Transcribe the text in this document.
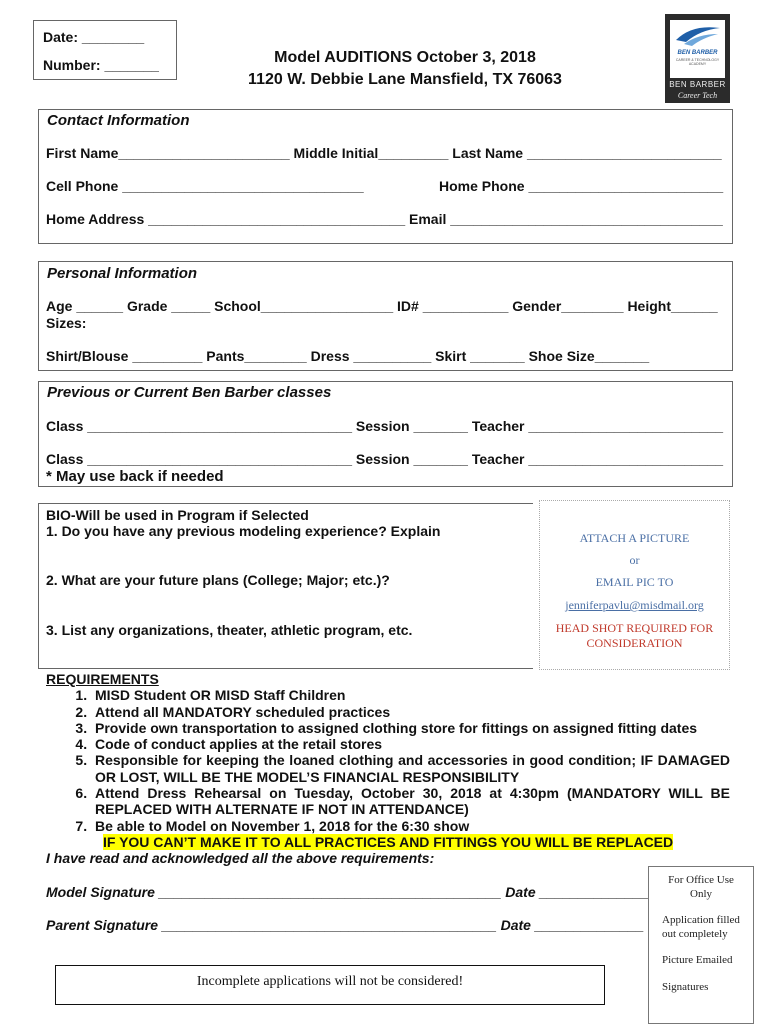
Date: ________
Number: _______	Model AUDITIONS October 3, 2018
1120 W. Debbie Lane Mansfield, TX 76063
BEN BARBER
CAREER & TECHNOLOGY ACADEMY
BEN BARBER
Career Tech
Contact Information
First Name______________________ Middle Initial_________ Last Name _________________________
Cell Phone _______________________________	Home Phone _________________________
Home Address _________________________________ Email ___________________________________
Personal Information
Age ______ Grade _____ School_________________ ID# ___________ Gender________ Height______
Sizes:
Shirt/Blouse _________ Pants________ Dress __________ Skirt _______ Shoe Size_______
Previous or Current Ben Barber classes
Class __________________________________ Session _______ Teacher _________________________
Class __________________________________ Session _______ Teacher _________________________
* May use back if needed
BIO-Will be used in Program if Selected
1. Do you have any previous modeling experience? Explain
2. What are your future plans (College; Major; etc.)?
3. List any organizations, theater, athletic program, etc.
ATTACH A PICTURE
or
EMAIL PIC TO
jenniferpavlu@misdmail.org
HEAD SHOT REQUIRED FOR
CONSIDERATION
REQUIREMENTS
1. MISD Student OR MISD Staff Children
2. Attend all MANDATORY scheduled practices
3. Provide own transportation to assigned clothing store for fittings on assigned fitting dates
4. Code of conduct applies at the retail stores
5. Responsible for keeping the loaned clothing and accessories in good condition; IF DAMAGED OR LOST, WILL BE THE MODEL’S FINANCIAL RESPONSIBILITY
6. Attend Dress Rehearsal on Tuesday, October 30, 2018 at 4:30pm (MANDATORY WILL BE REPLACED WITH ALTERNATE IF NOT IN ATTENDANCE)
7. Be able to Model on November 1, 2018 for the 6:30 show
IF YOU CAN’T MAKE IT TO ALL PRACTICES AND FITTINGS YOU WILL BE REPLACED
I have read and acknowledged all the above requirements:
Model Signature ____________________________________________ Date ______________
Parent Signature ___________________________________________ Date ______________
Incomplete applications will not be considered!
For Office Use
Only
Application filled
out completely
Picture Emailed
Signatures
